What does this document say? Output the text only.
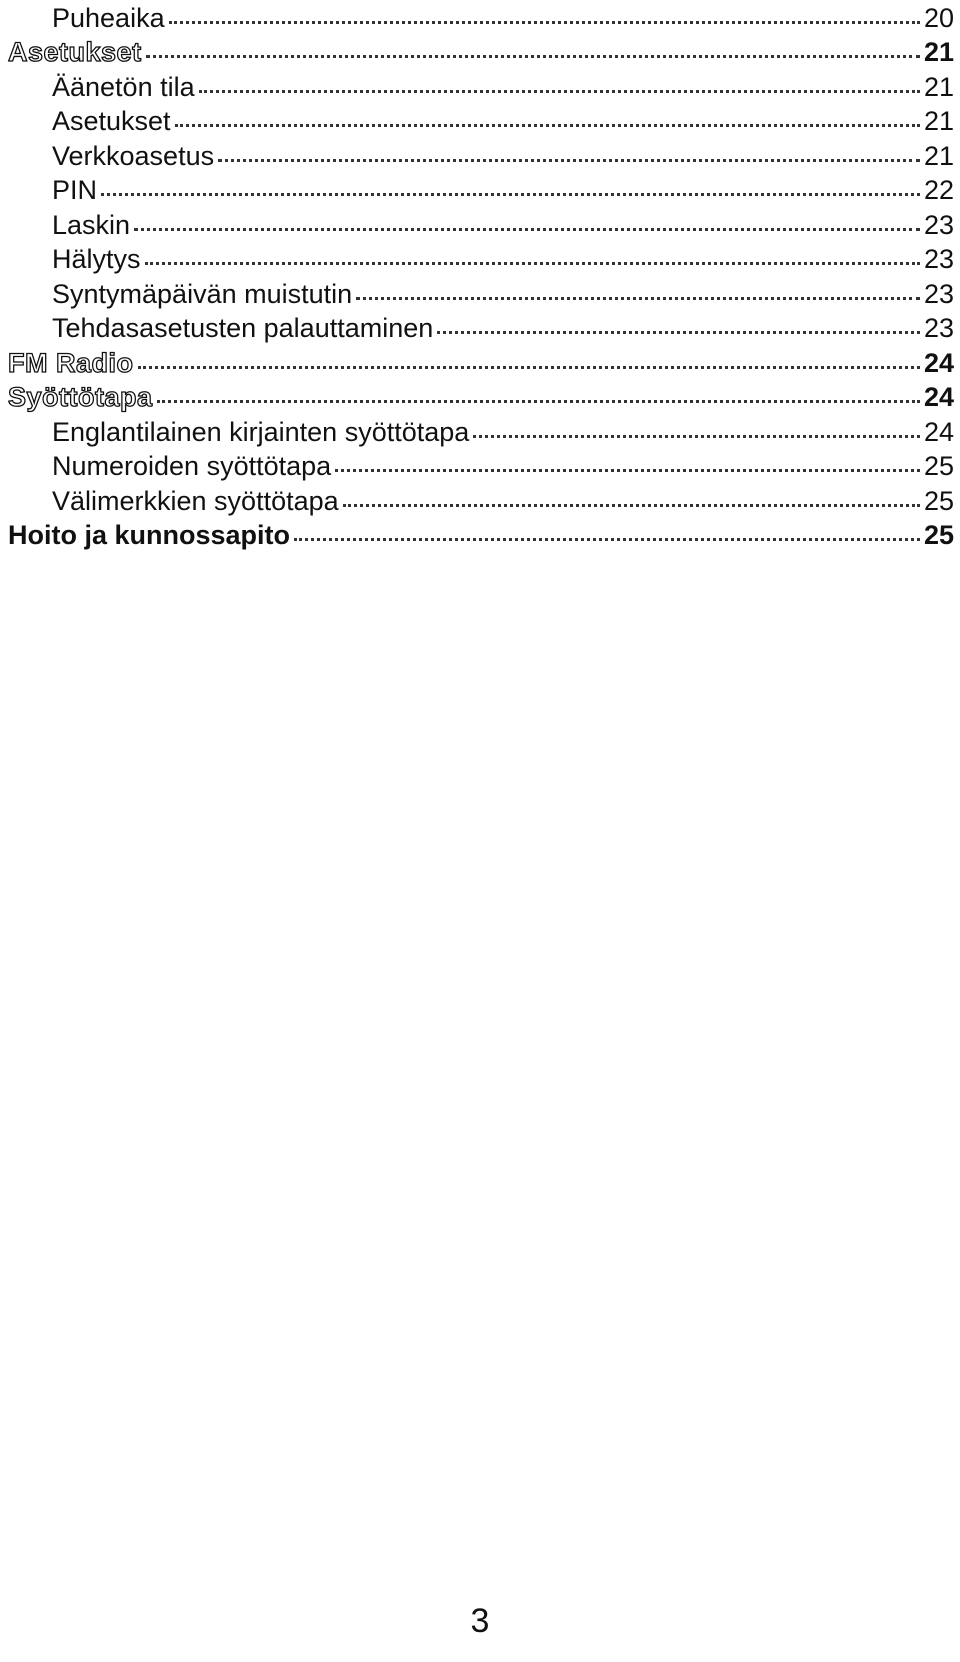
Puheaika	20
Asetukset	21
Äänetön tila	21
Asetukset	21
Verkkoasetus	21
PIN	22
Laskin	23
Hälytys	23
Syntymäpäivän muistutin	23
Tehdasasetusten palauttaminen	23
FM Radio	24
Syöttötapa	24
Englantilainen kirjainten syöttötapa	24
Numeroiden syöttötapa	25
Välimerkkien syöttötapa	25
Hoito ja kunnossapito	25
3
